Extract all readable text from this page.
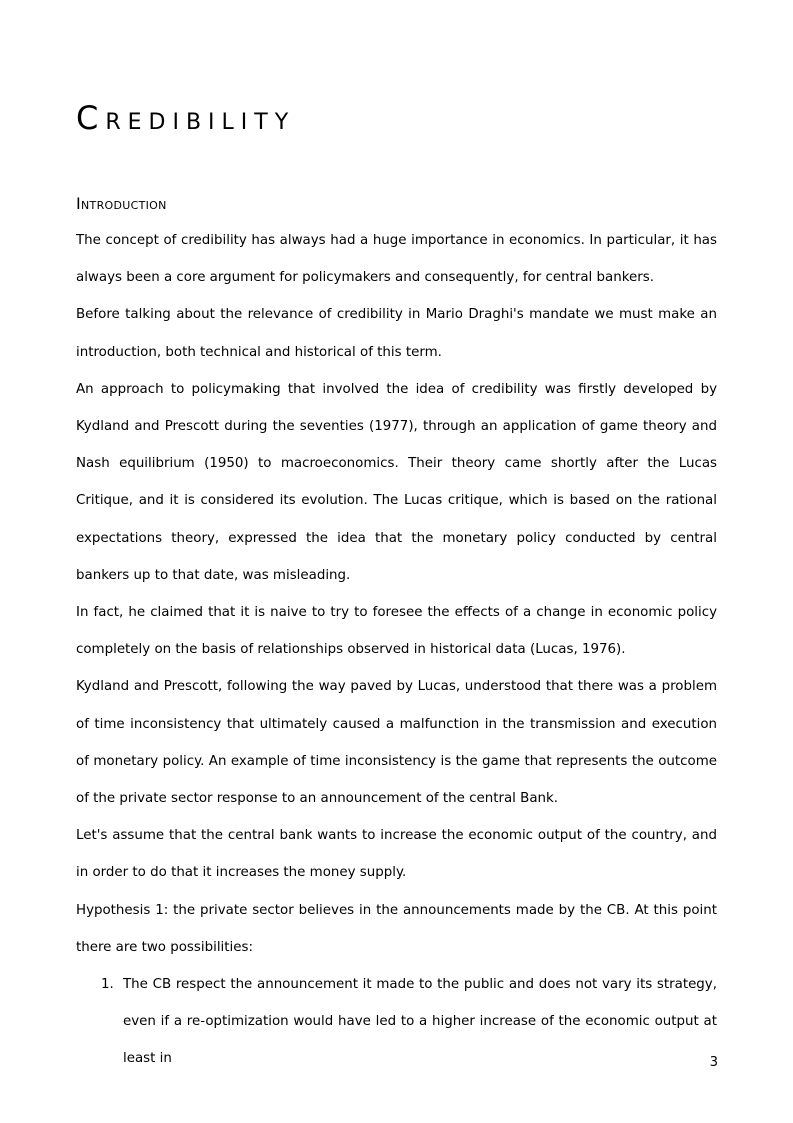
Credibility
Introduction

The concept of credibility has always had a huge importance in economics. In particular, it has always been a core argument for policymakers and consequently, for central bankers.

Before talking about the relevance of credibility in Mario Draghi's mandate we must make an introduction, both technical and historical of this term.

An approach to policymaking that involved the idea of credibility was firstly developed by Kydland and Prescott during the seventies (1977), through an application of game theory and Nash equilibrium (1950) to macroeconomics. Their theory came shortly after the Lucas Critique, and it is considered its evolution. The Lucas critique, which is based on the rational expectations theory, expressed the idea that the monetary policy conducted by central bankers up to that date, was misleading.

In fact, he claimed that it is naive to try to foresee the effects of a change in economic policy completely on the basis of relationships observed in historical data (Lucas, 1976).

Kydland and Prescott, following the way paved by Lucas, understood that there was a problem of time inconsistency that ultimately caused a malfunction in the transmission and execution of monetary policy. An example of time inconsistency is the game that represents the outcome of the private sector response to an announcement of the central Bank.

Let's assume that the central bank wants to increase the economic output of the country, and in order to do that it increases the money supply.

Hypothesis 1: the private sector believes in the announcements made by the CB. At this point there are two possibilities:

1. The CB respect the announcement it made to the public and does not vary its strategy, even if a re-optimization would have led to a higher increase of the economic output at least in	3
